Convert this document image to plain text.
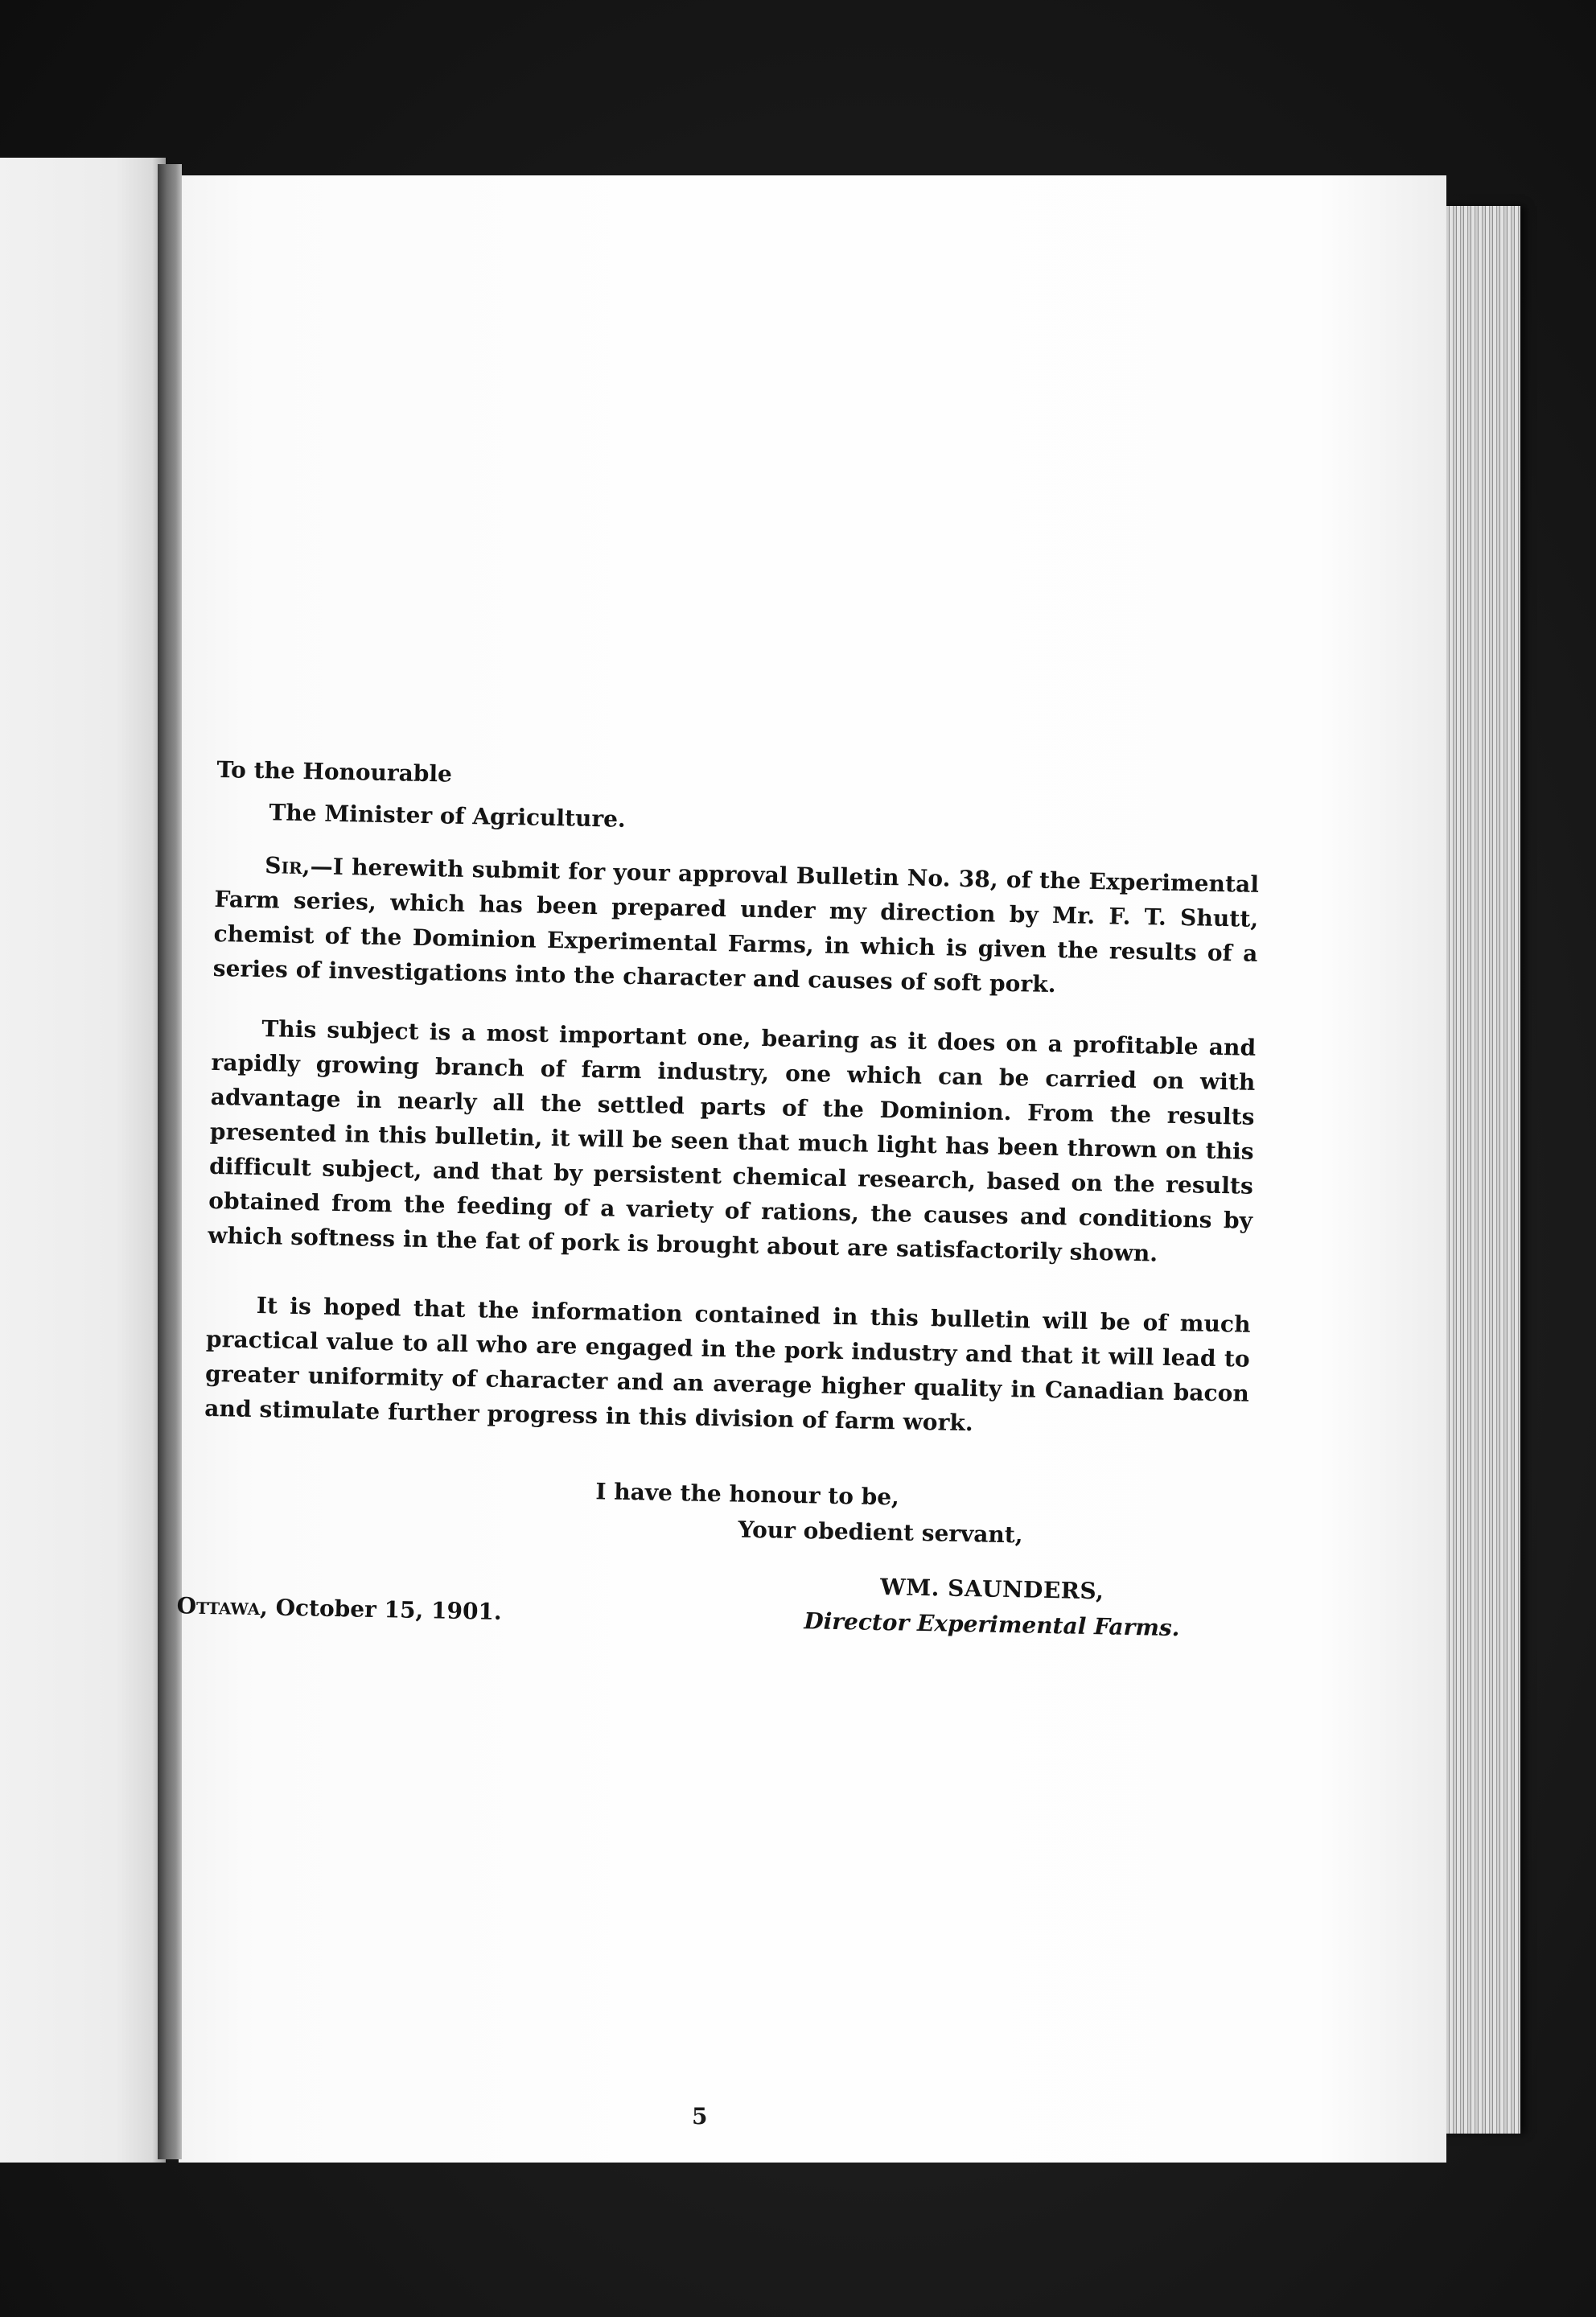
To the Honourable
The Minister of Agriculture.
Sir,—I herewith submit for your approval Bulletin No. 38, of the Experimental Farm series, which has been prepared under my direction by Mr. F. T. Shutt, chemist of the Dominion Experimental Farms, in which is given the results of a series of investigations into the character and causes of soft pork.
This subject is a most important one, bearing as it does on a profitable and rapidly growing branch of farm industry, one which can be carried on with advantage in nearly all the settled parts of the Dominion. From the results presented in this bulletin, it will be seen that much light has been thrown on this difficult subject, and that by persistent chemical research, based on the results obtained from the feeding of a variety of rations, the causes and conditions by which softness in the fat of pork is brought about are satisfactorily shown.
It is hoped that the information contained in this bulletin will be of much practical value to all who are engaged in the pork industry and that it will lead to greater uniformity of character and an average higher quality in Canadian bacon and stimulate further progress in this division of farm work.
I have the honour to be,
Your obedient servant,
WM. SAUNDERS,
Director Experimental Farms.
Ottawa, October 15, 1901.
5
